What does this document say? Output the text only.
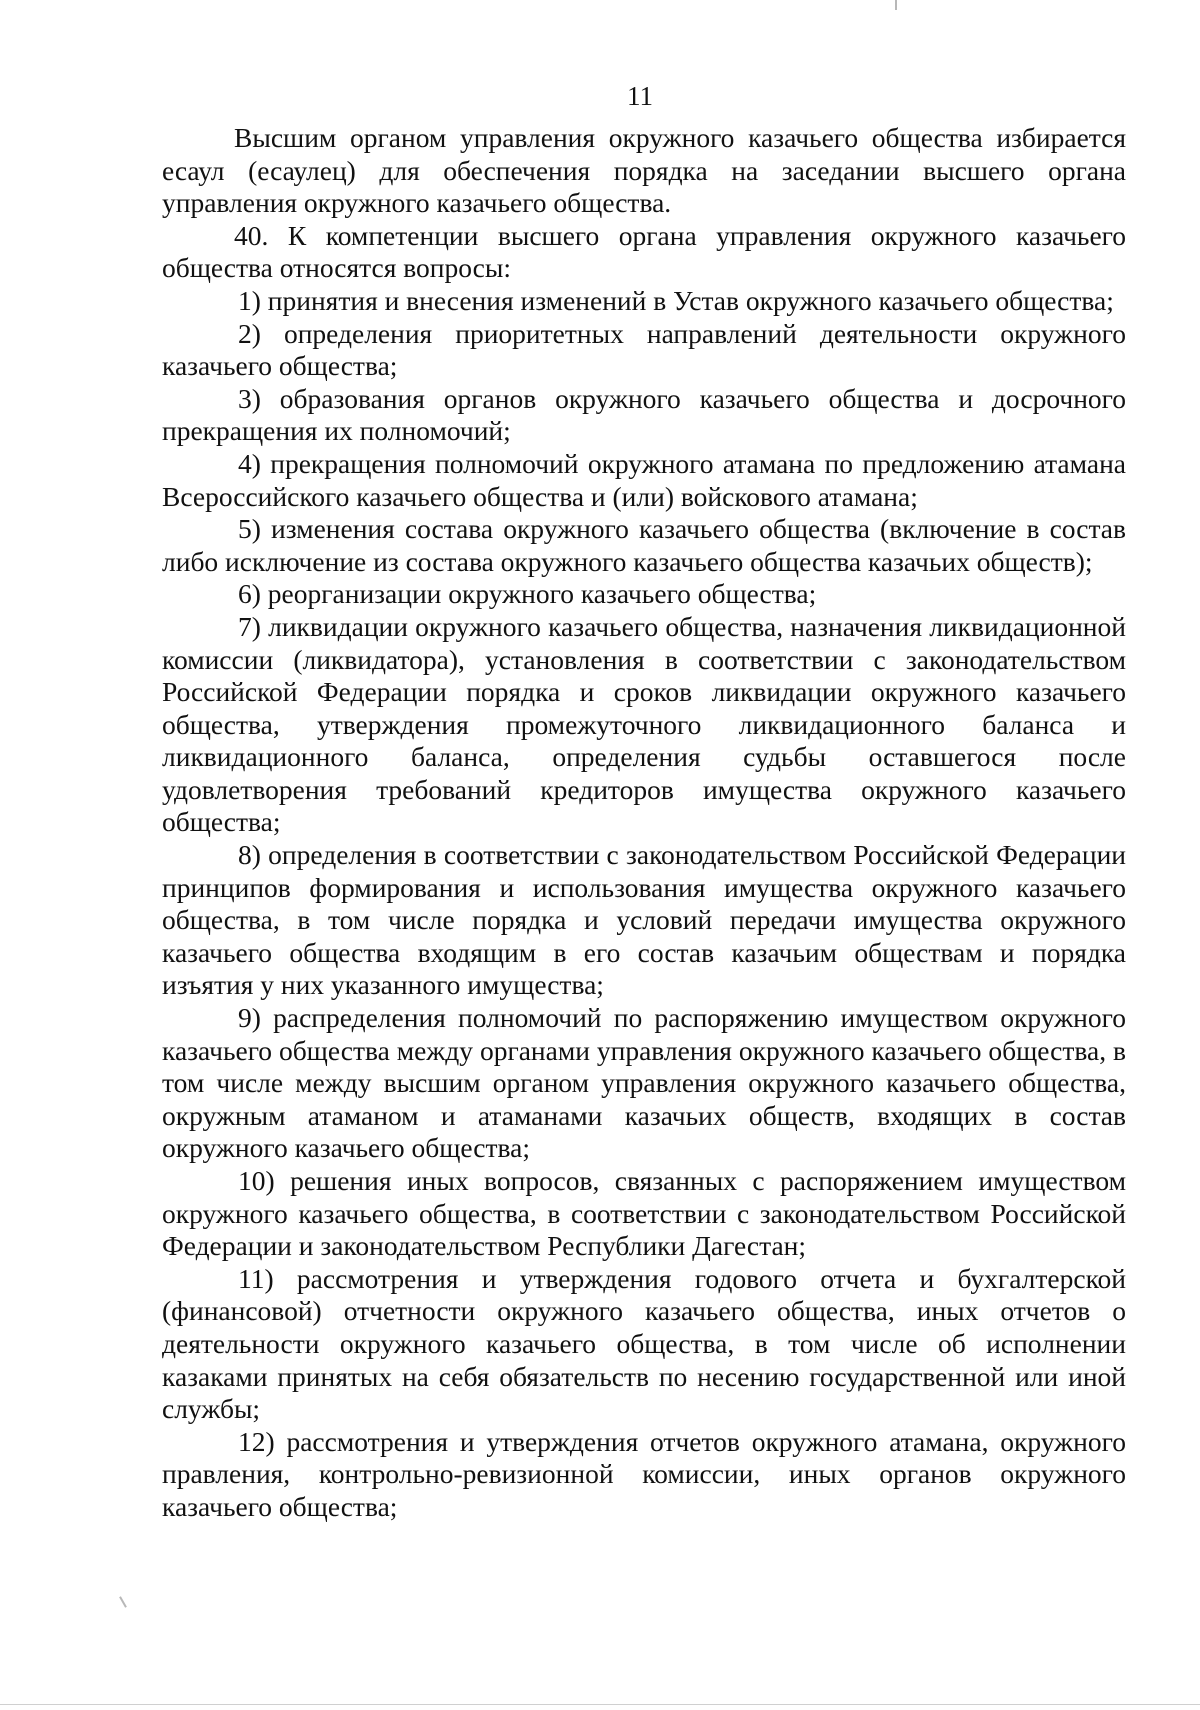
11

Высшим органом управления окружного казачьего общества избирается есаул (есаулец) для обеспечения порядка на заседании высшего органа управления окружного казачьего общества.

40. К компетенции высшего органа управления окружного казачьего общества относятся вопросы:

1) принятия и внесения изменений в Устав окружного казачьего общества;

2) определения приоритетных направлений деятельности окружного казачьего общества;

3) образования органов окружного казачьего общества и досрочного прекращения их полномочий;

4) прекращения полномочий окружного атамана по предложению атамана Всероссийского казачьего общества и (или) войскового атамана;

5) изменения состава окружного казачьего общества (включение в состав либо исключение из состава окружного казачьего общества казачьих обществ);

6) реорганизации окружного казачьего общества;

7) ликвидации окружного казачьего общества, назначения ликвидационной комиссии (ликвидатора), установления в соответствии с законодательством Российской Федерации порядка и сроков ликвидации окружного казачьего общества, утверждения промежуточного ликвидационного баланса и ликвидационного баланса, определения судьбы оставшегося после удовлетворения требований кредиторов имущества окружного казачьего общества;

8) определения в соответствии с законодательством Российской Федерации принципов формирования и использования имущества окружного казачьего общества, в том числе порядка и условий передачи имущества окружного казачьего общества входящим в его состав казачьим обществам и порядка изъятия у них указанного имущества;

9) распределения полномочий по распоряжению имуществом окружного казачьего общества между органами управления окружного казачьего общества, в том числе между высшим органом управления окружного казачьего общества, окружным атаманом и атаманами казачьих обществ, входящих в состав окружного казачьего общества;

10) решения иных вопросов, связанных с распоряжением имуществом окружного казачьего общества, в соответствии с законодательством Российской Федерации и законодательством Республики Дагестан;

11) рассмотрения и утверждения годового отчета и бухгалтерской (финансовой) отчетности окружного казачьего общества, иных отчетов о деятельности окружного казачьего общества, в том числе об исполнении казаками принятых на себя обязательств по несению государственной или иной службы;

12) рассмотрения и утверждения отчетов окружного атамана, окружного правления, контрольно-ревизионной комиссии, иных органов окружного казачьего общества;
